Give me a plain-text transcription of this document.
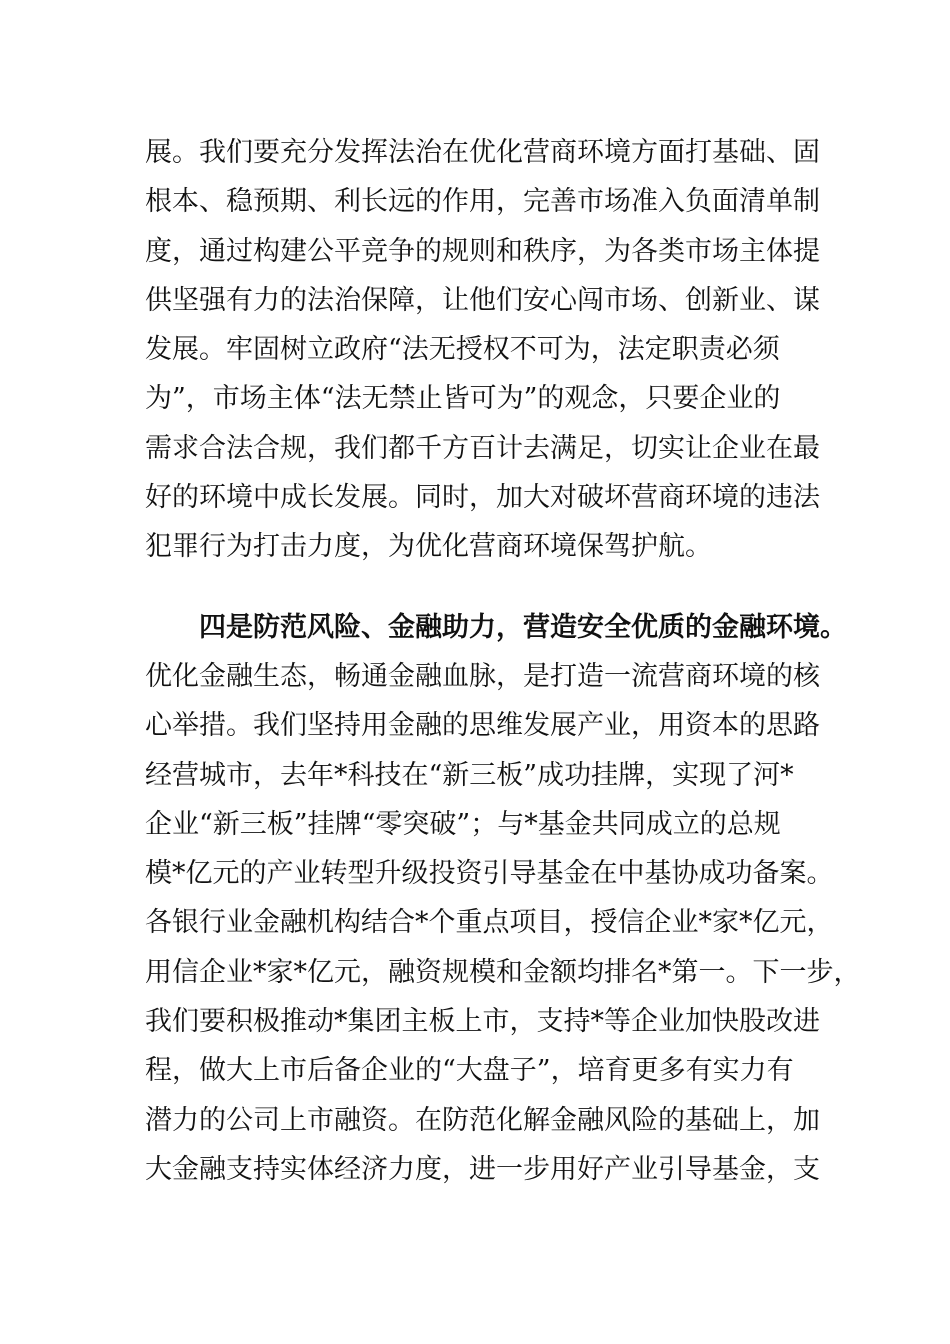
展。我们要充分发挥法治在优化营商环境方面打基础、固
根本、稳预期、利长远的作用，完善市场准入负面清单制
度，通过构建公平竞争的规则和秩序，为各类市场主体提
供坚强有力的法治保障，让他们安心闯市场、创新业、谋
发展。牢固树立政府“法无授权不可为，法定职责必须
为”，市场主体“法无禁止皆可为”的观念，只要企业的
需求合法合规，我们都千方百计去满足，切实让企业在最
好的环境中成长发展。同时，加大对破坏营商环境的违法
犯罪行为打击力度，为优化营商环境保驾护航。
四是防范风险、金融助力，营造安全优质的金融环境。
优化金融生态，畅通金融血脉，是打造一流营商环境的核
心举措。我们坚持用金融的思维发展产业，用资本的思路
经营城市，去年*科技在“新三板”成功挂牌，实现了河*
企业“新三板”挂牌“零突破”；与*基金共同成立的总规
模*亿元的产业转型升级投资引导基金在中基协成功备案。
各银行业金融机构结合*个重点项目，授信企业*家*亿元，
用信企业*家*亿元，融资规模和金额均排名*第一。下一步，
我们要积极推动*集团主板上市，支持*等企业加快股改进
程，做大上市后备企业的“大盘子”，培育更多有实力有
潜力的公司上市融资。在防范化解金融风险的基础上，加
大金融支持实体经济力度，进一步用好产业引导基金，支
